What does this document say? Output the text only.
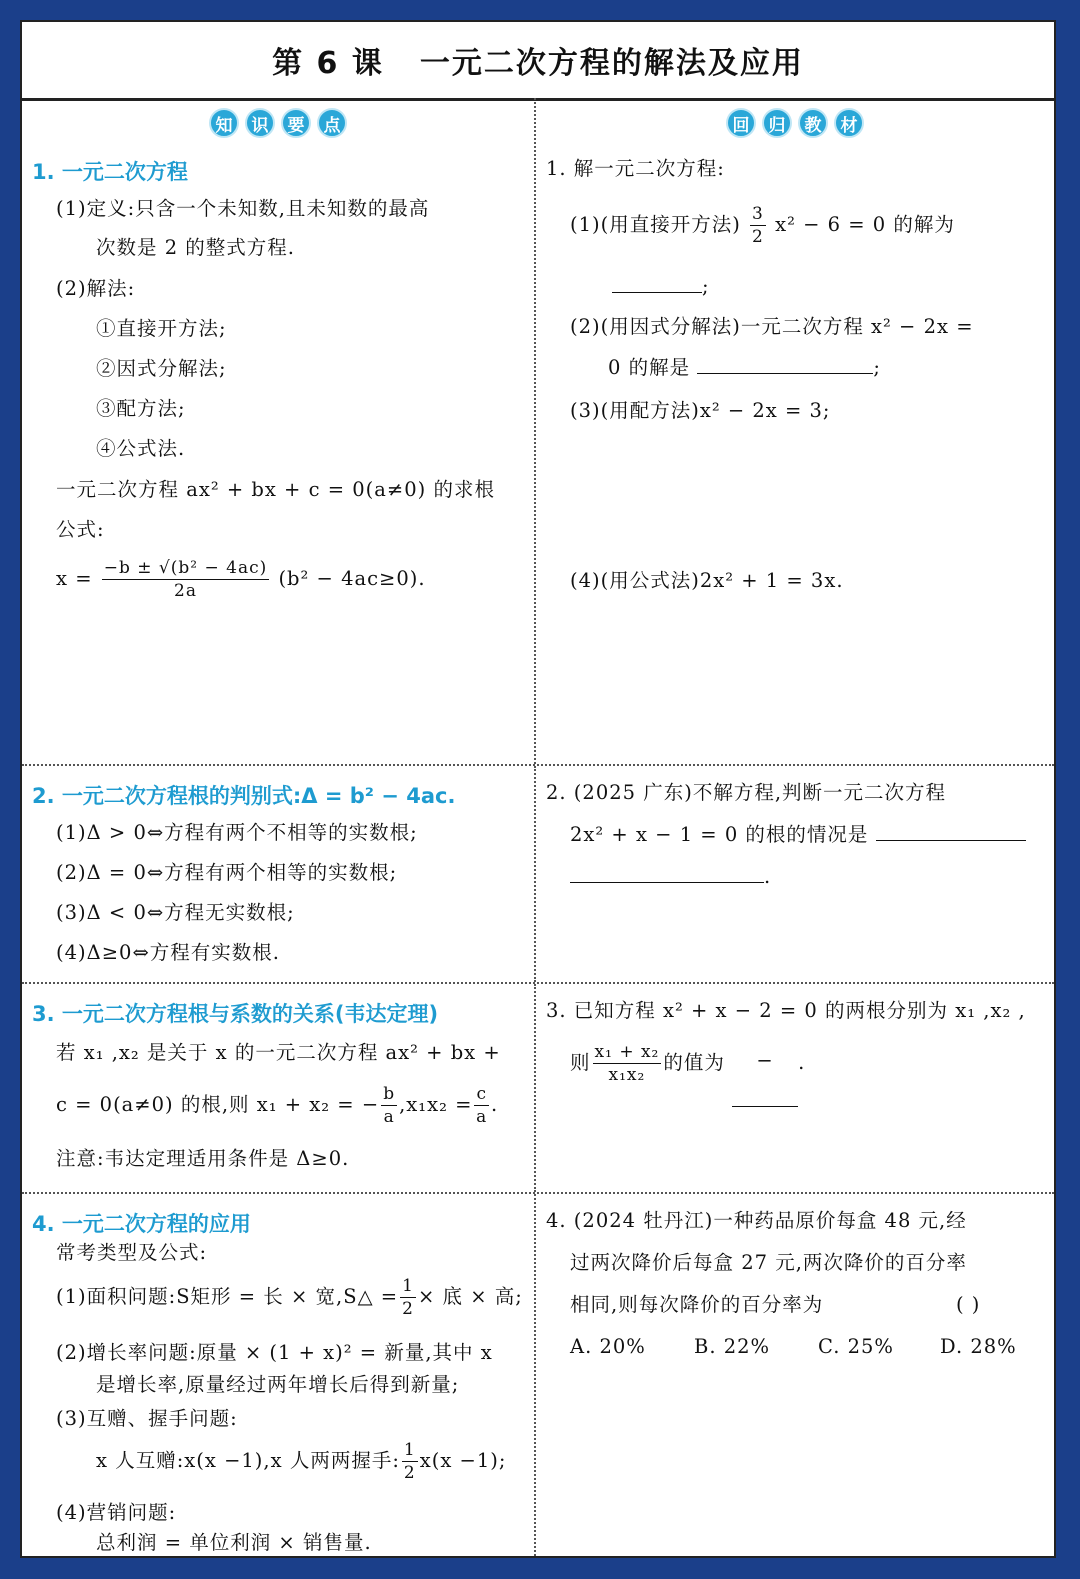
第 6 课 一元二次方程的解法及应用
知	识	要	点
1. 一元二次方程
(1)定义:只含一个未知数,且未知数的最高
次数是 2 的整式方程.
(2)解法:
①直接开方法;
②因式分解法;
③配方法;
④公式法.
一元二次方程 ax² + bx + c = 0(a≠0) 的求根
公式:
$x = \frac{\text{−b ± √(b² − 4ac)}}{2a} (b^2 - 4ac\ge 0)$.
回	归	教	材
1. 解一元二次方程:
(1)(用直接开方法) $\frac{3}{2} x^2 - 6 = 0$ 的解为
;
(2)(用因式分解法)一元二次方程 x² − 2x =
0 的解是	;
(3)(用配方法)x² − 2x = 3;
(4)(用公式法)2x² + 1 = 3x.
2. 一元二次方程根的判别式:Δ = b² − 4ac.
(1)Δ > 0⇔方程有两个不相等的实数根;
(2)Δ = 0⇔方程有两个相等的实数根;
(3)Δ < 0⇔方程无实数根;
(4)Δ≥0⇔方程有实数根.
2. (2025 广东)不解方程,判断一元二次方程
2x² + x − 1 = 0 的根的情况是
.
3. 一元二次方程根与系数的关系(韦达定理)
若 x₁ ,x₂ 是关于 x 的一元二次方程 ax² + bx +
c = 0(a≠0) 的根,则 x₁ + x₂ = − $\frac{b}{a} ,x_1x_2 = \frac{c}{a}$ .
注意:韦达定理适用条件是 Δ≥0.
3. 已知方程 x² + x − 2 = 0 的两根分别为 x₁ ,x₂ ,
则 $\frac{\text{x₁ + x₂}}{\text{x₁x₂}}$ 的值为 − .
4. 一元二次方程的应用
常考类型及公式:
(1)面积问题:S矩形 = 长 × 宽,S△ = $\frac{1}{2}$ × 底 × 高;
(2)增长率问题:原量 × (1 + x)² = 新量,其中 x
是增长率,原量经过两年增长后得到新量;
(3)互赠、握手问题:
x 人互赠:x(x −1),x 人两两握手: $\frac{1}{2} x(x -1)$;
(4)营销问题:
总利润 = 单位利润 × 销售量.
4. (2024 牡丹江)一种药品原价每盒 48 元,经
过两次降价后每盒 27 元,两次降价的百分率
相同,则每次降价的百分率为	( )
A. 20% B. 22% C. 25% D. 28%
